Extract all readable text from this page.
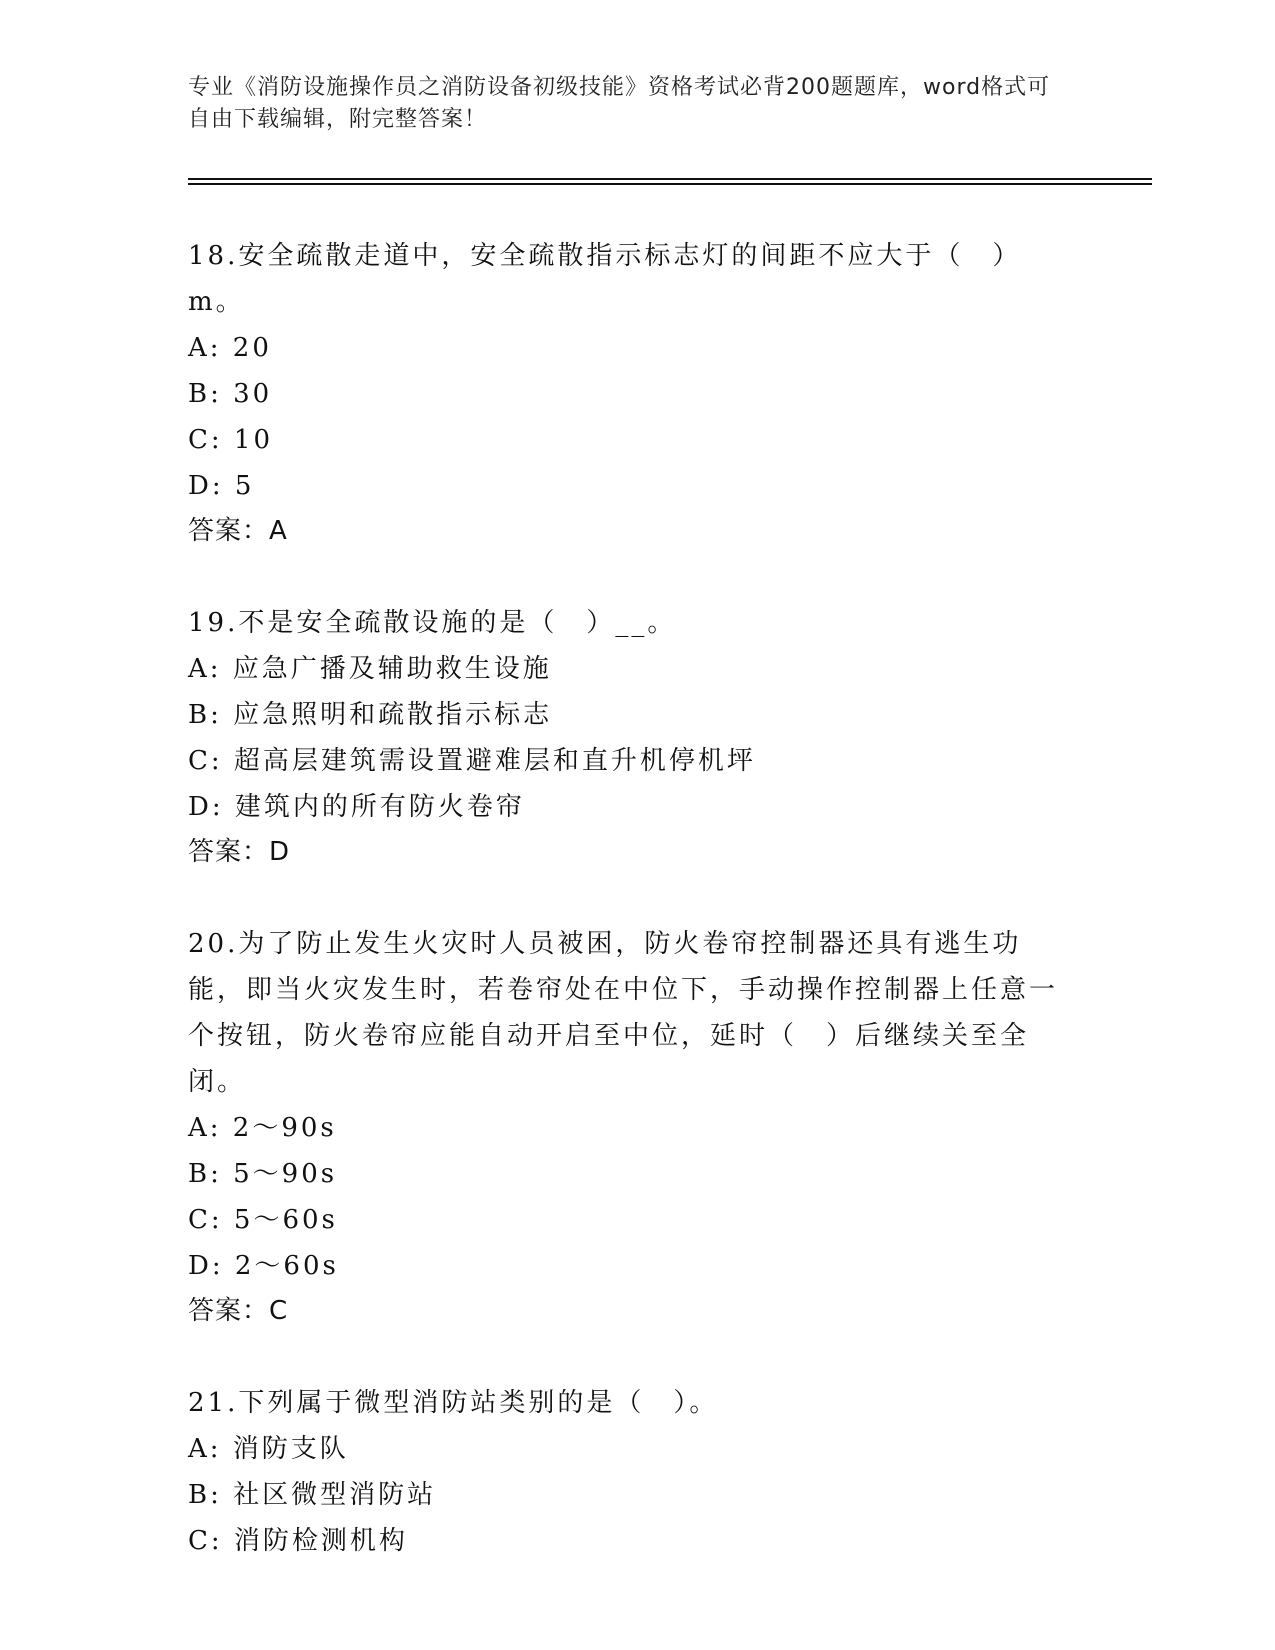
专业《消防设施操作员之消防设备初级技能》资格考试必背200题题库，word格式可自由下载编辑，附完整答案！
18.安全疏散走道中，安全疏散指示标志灯的间距不应大于（　）m。
A: 20
B: 30
C: 10
D: 5
答案：A
19.不是安全疏散设施的是（　）__。
A: 应急广播及辅助救生设施
B: 应急照明和疏散指示标志
C: 超高层建筑需设置避难层和直升机停机坪
D: 建筑内的所有防火卷帘
答案：D
20.为了防止发生火灾时人员被困，防火卷帘控制器还具有逃生功能，即当火灾发生时，若卷帘处在中位下，手动操作控制器上任意一个按钮，防火卷帘应能自动开启至中位，延时（　）后继续关至全闭。
A: 2～90s
B: 5～90s
C: 5～60s
D: 2～60s
答案：C
21.下列属于微型消防站类别的是（　）。
A: 消防支队
B: 社区微型消防站
C: 消防检测机构
